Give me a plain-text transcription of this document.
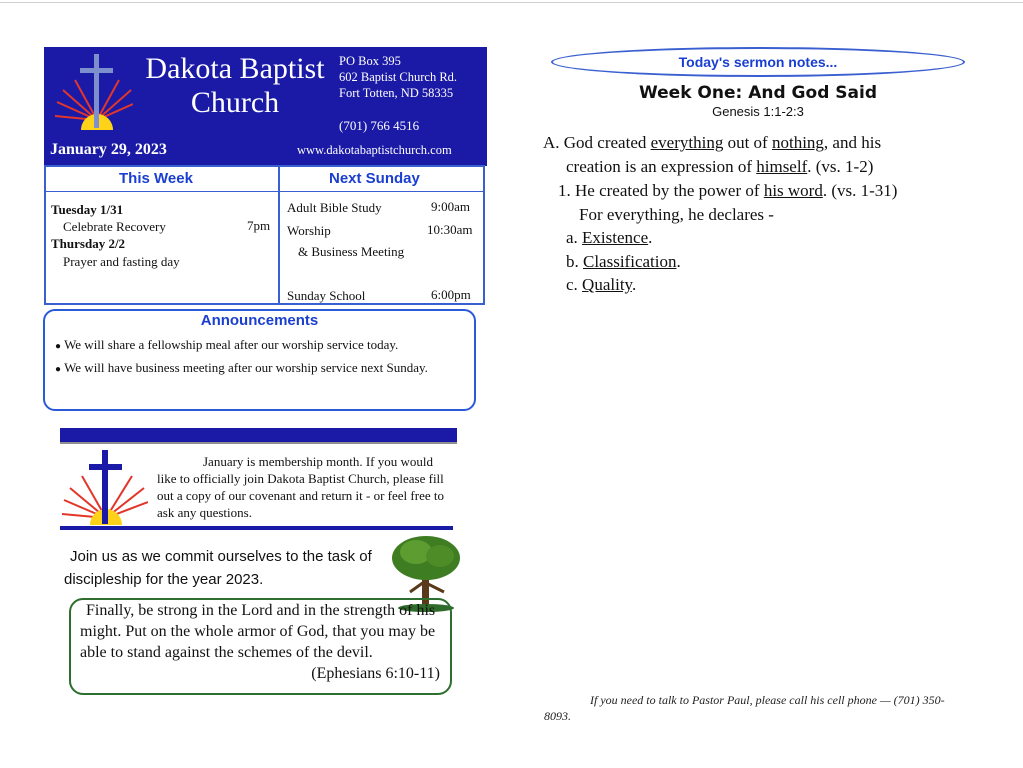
Dakota Baptist Church
PO Box 395
602 Baptist Church Rd.
Fort Totten, ND 58335
(701) 766 4516
January 29, 2023	www.dakotabaptistchurch.com
This Week	Next Sunday
Tuesday 1/31
Celebrate Recovery	7pm
Thursday 2/2
Prayer and fasting day
Adult Bible Study	9:00am
Worship	10:30am
& Business Meeting
Sunday School	6:00pm
Announcements
● We will share a fellowship meal after our worship service today.
● We will have business meeting after our worship service next Sunday.
January is membership month. If you would like to officially join Dakota Baptist Church, please fill out a copy of our covenant and return it - or feel free to ask any questions.
Join us as we commit ourselves to the task of discipleship for the year 2023.
Finally, be strong in the Lord and in the strength of his might. Put on the whole armor of God, that you may be able to stand against the schemes of the devil.
(Ephesians 6:10-11)
Today's sermon notes...
Week One: And God Said
Genesis 1:1-2:3
A. God created everything out of nothing, and his
creation is an expression of himself. (vs. 1-2)
1. He created by the power of his word. (vs. 1-31)
For everything, he declares -
a. Existence.
b. Classification.
c. Quality.
If you need to talk to Pastor Paul, please call his cell phone — (701) 350-8093.
